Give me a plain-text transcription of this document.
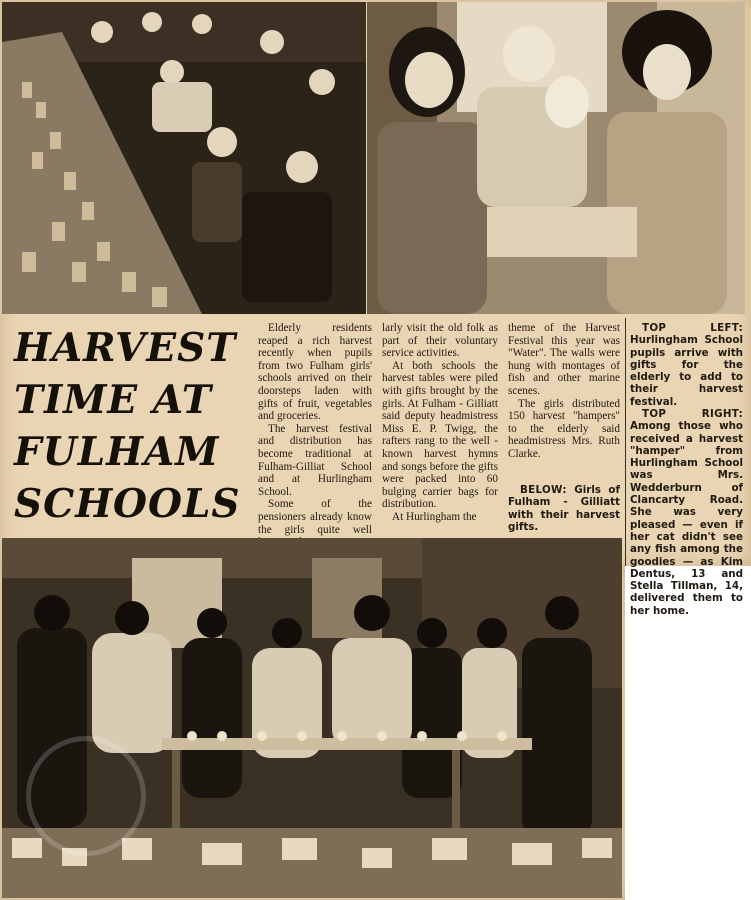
HARVEST
TIME AT
FULHAM
SCHOOLS

Elderly residents reaped a rich harvest recently when pupils from two Fulham girls' schools arrived on their doorsteps laden with gifts of fruit, vegetables and groceries.

The harvest festival and distribution has become traditional at Fulham-Gilliat School and at Hurlingham School.

Some of the pensioners already know the girls quite well

larly visit the old folk as part of their voluntary service activities.

At both schools the harvest tables were piled with gifts brought by the girls. At Fulham - Gilliatt said deputy headmistress Miss E. P. Twigg, the rafters rang to the well - known harvest hymns and songs before the gifts were packed into 60 bulging carrier bags for distribution.

At Hurlingham the

theme of the Harvest Festival this year was "Water". The walls were hung with montages of fish and other marine scenes.

The girls distributed 150 harvest "hampers" to the elderly said headmistress Mrs. Ruth Clarke.

BELOW: Girls of Fulham - Gilliatt with their harvest gifts.

TOP LEFT: Hurlingham School pupils arrive with gifts for the elderly to add to their harvest festival.

TOP RIGHT: Among those who received a harvest "hamper" from Hurlingham School was Mrs. Wedderburn of Clancarty Road. She was very pleased — even if her cat didn't see any fish among the goodies — as Kim Dentus, 13 and Stella Tillman, 14, delivered them to her home.
